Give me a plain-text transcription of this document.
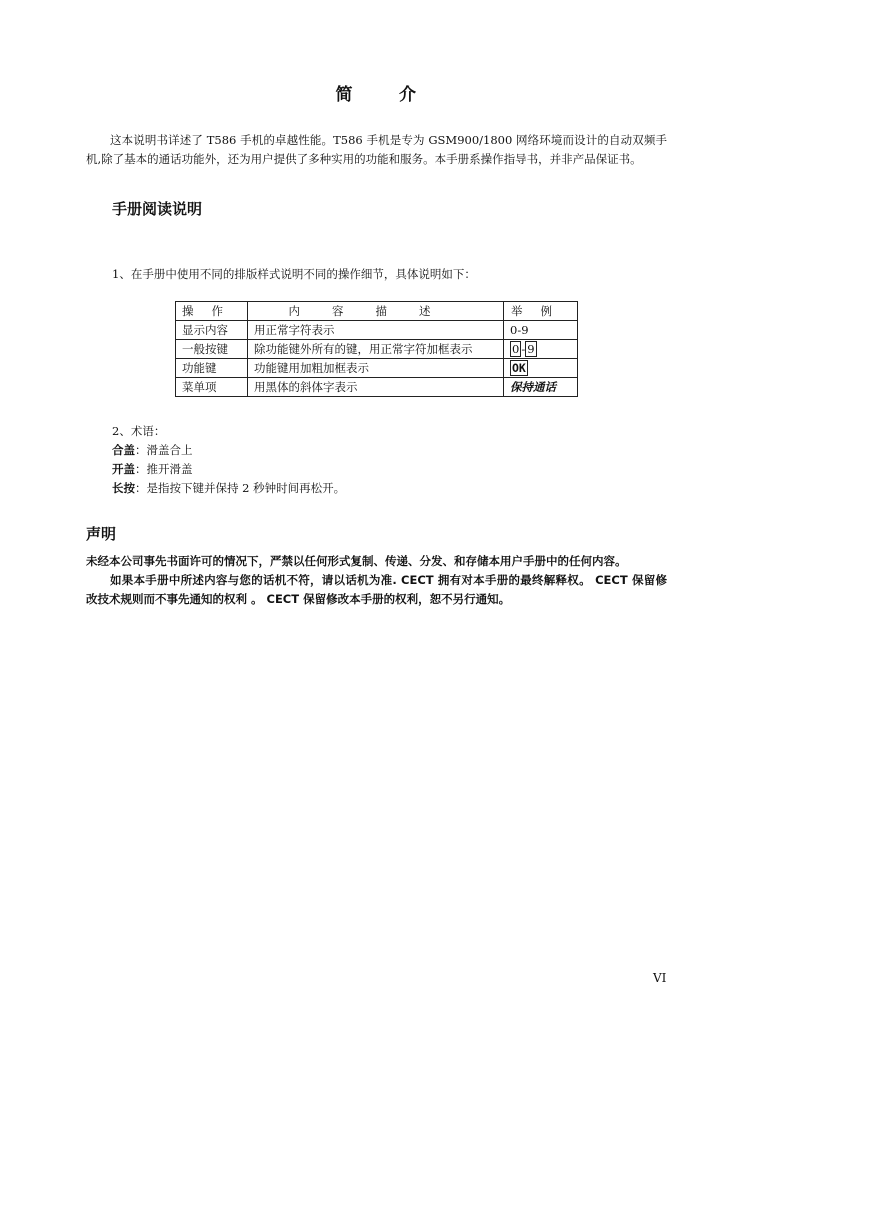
简	介
这本说明书详述了 T586 手机的卓越性能。T586 手机是专为 GSM900/1800 网络环境而设计的自动双频手机,除了基本的通话功能外，还为用户提供了多种实用的功能和服务。本手册系操作指导书，并非产品保证书。
手册阅读说明
1、在手册中使用不同的排版样式说明不同的操作细节，具体说明如下：
操作	内容描述	举例
显示内容	用正常字符表示	0-9
一般按键	除功能键外所有的键，用正常字符加框表示	0 - 9
功能键	功能键用加粗加框表示	OK
菜单项	用黑体的斜体字表示	保持通话
2、术语：
合盖：滑盖合上
开盖：推开滑盖
长按：是指按下键并保持 2 秒钟时间再松开。
声明

未经本公司事先书面许可的情况下，严禁以任何形式复制、传递、分发、和存储本用户手册中的任何内容。

如果本手册中所述内容与您的话机不符，请以话机为准. CECT 拥有对本手册的最终解释权。 CECT 保留修改技术规则而不事先通知的权利 。 CECT 保留修改本手册的权利，恕不另行通知。

VI
